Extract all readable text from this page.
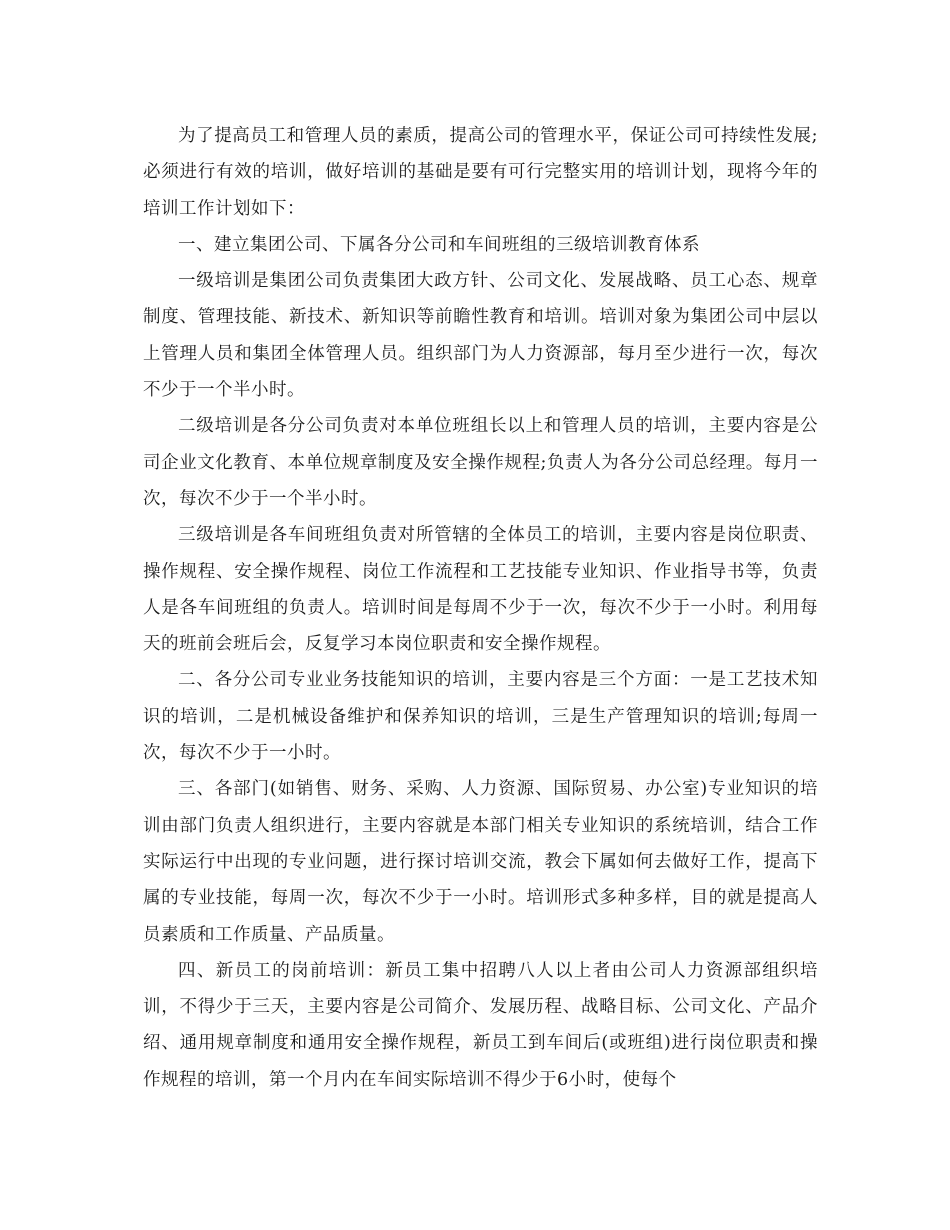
为了提高员工和管理人员的素质，提高公司的管理水平，保证公司可持续性发展;必须进行有效的培训，做好培训的基础是要有可行完整实用的培训计划，现将今年的培训工作计划如下：

一、建立集团公司、下属各分公司和车间班组的三级培训教育体系

一级培训是集团公司负责集团大政方针、公司文化、发展战略、员工心态、规章制度、管理技能、新技术、新知识等前瞻性教育和培训。培训对象为集团公司中层以上管理人员和集团全体管理人员。组织部门为人力资源部，每月至少进行一次，每次不少于一个半小时。

二级培训是各分公司负责对本单位班组长以上和管理人员的培训，主要内容是公司企业文化教育、本单位规章制度及安全操作规程;负责人为各分公司总经理。每月一次，每次不少于一个半小时。

三级培训是各车间班组负责对所管辖的全体员工的培训，主要内容是岗位职责、操作规程、安全操作规程、岗位工作流程和工艺技能专业知识、作业指导书等，负责人是各车间班组的负责人。培训时间是每周不少于一次，每次不少于一小时。利用每天的班前会班后会，反复学习本岗位职责和安全操作规程。

二、各分公司专业业务技能知识的培训，主要内容是三个方面：一是工艺技术知识的培训，二是机械设备维护和保养知识的培训，三是生产管理知识的培训;每周一次，每次不少于一小时。

三、各部门(如销售、财务、采购、人力资源、国际贸易、办公室)专业知识的培训由部门负责人组织进行，主要内容就是本部门相关专业知识的系统培训，结合工作实际运行中出现的专业问题，进行探讨培训交流，教会下属如何去做好工作，提高下属的专业技能，每周一次，每次不少于一小时。培训形式多种多样，目的就是提高人员素质和工作质量、产品质量。

四、新员工的岗前培训：新员工集中招聘八人以上者由公司人力资源部组织培训，不得少于三天，主要内容是公司简介、发展历程、战略目标、公司文化、产品介绍、通用规章制度和通用安全操作规程，新员工到车间后(或班组)进行岗位职责和操作规程的培训，第一个月内在车间实际培训不得少于6小时，使每个
